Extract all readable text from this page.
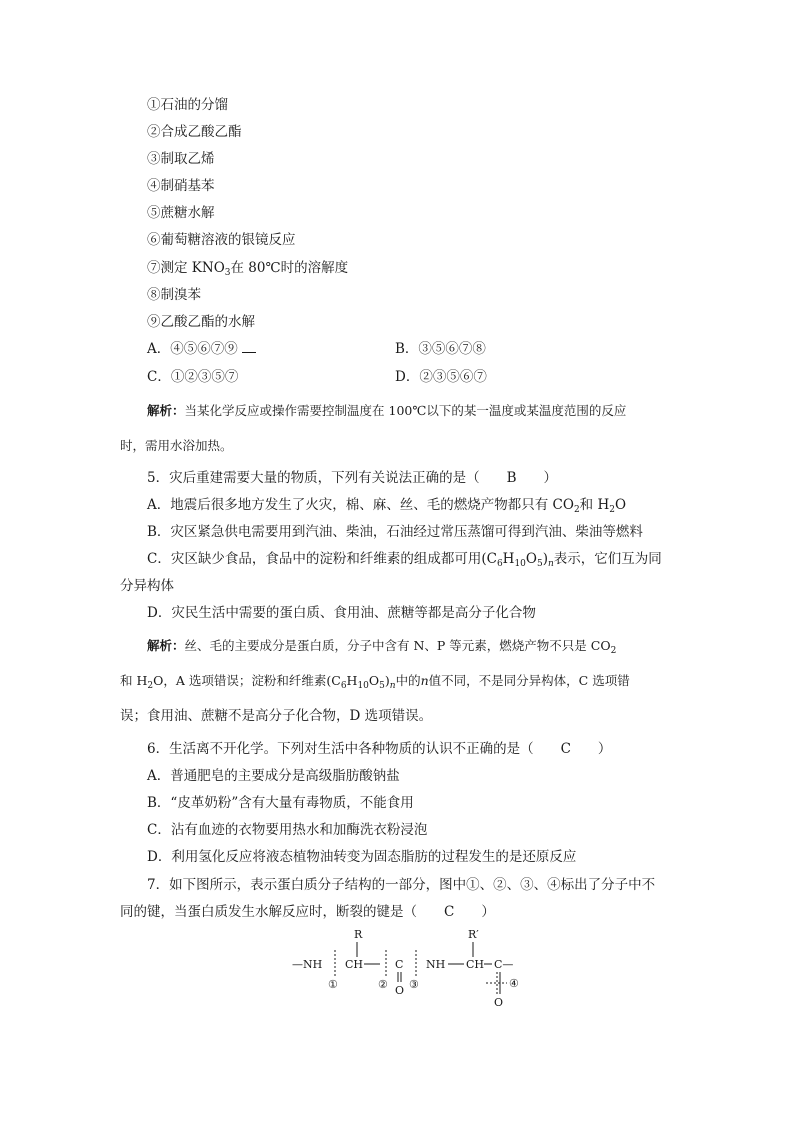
①石油的分馏
②合成乙酸乙酯
③制取乙烯
④制硝基苯
⑤蔗糖水解
⑥葡萄糖溶液的银镜反应
⑦测定 $KNO_3$在 80℃时的溶解度
⑧制溴苯
⑨乙酸乙酯的水解
A．④⑤⑥⑦⑨	B．③⑤⑥⑦⑧
C．①②③⑤⑦	D．②③⑤⑥⑦
解析：当某化学反应或操作需要控制温度在 100℃以下的某一温度或某温度范围的反应
时，需用水浴加热。
5．灾后重建需要大量的物质，下列有关说法正确的是（　　B　　）
A．地震后很多地方发生了火灾，棉、麻、丝、毛的燃烧产物都只有 $CO_2$和 $H_2O$
B．灾区紧急供电需要用到汽油、柴油，石油经过常压蒸馏可得到汽油、柴油等燃料
C．灾区缺少食品，食品中的淀粉和纤维素的组成都可用$(C_6H_{10}O_5)_n$表示，它们互为同
分异构体
D．灾民生活中需要的蛋白质、食用油、蔗糖等都是高分子化合物
解析：丝、毛的主要成分是蛋白质，分子中含有 N、P 等元素，燃烧产物不只是 $CO_2$
和 $H_2O$，A 选项错误；淀粉和纤维素$(C_6H_{10}O_5)_n$中的n值不同，不是同分异构体，C 选项错
误；食用油、蔗糖不是高分子化合物，D 选项错误。
6．生活离不开化学。下列对生活中各种物质的认识不正确的是（　　C　　）
A．普通肥皂的主要成分是高级脂肪酸钠盐
B．“皮革奶粉”含有大量有毒物质，不能食用
C．沾有血迹的衣物要用热水和加酶洗衣粉浸泡
D．利用氢化反应将液态植物油转变为固态脂肪的过程发生的是还原反应
7．如下图所示，表示蛋白质分子结构的一部分，图中①、②、③、④标出了分子中不
同的键，当蛋白质发生水解反应时，断裂的键是（　　C　　）
—NH CH
R
C
O
NH CH
R′
C—
O
①	② ③	④
